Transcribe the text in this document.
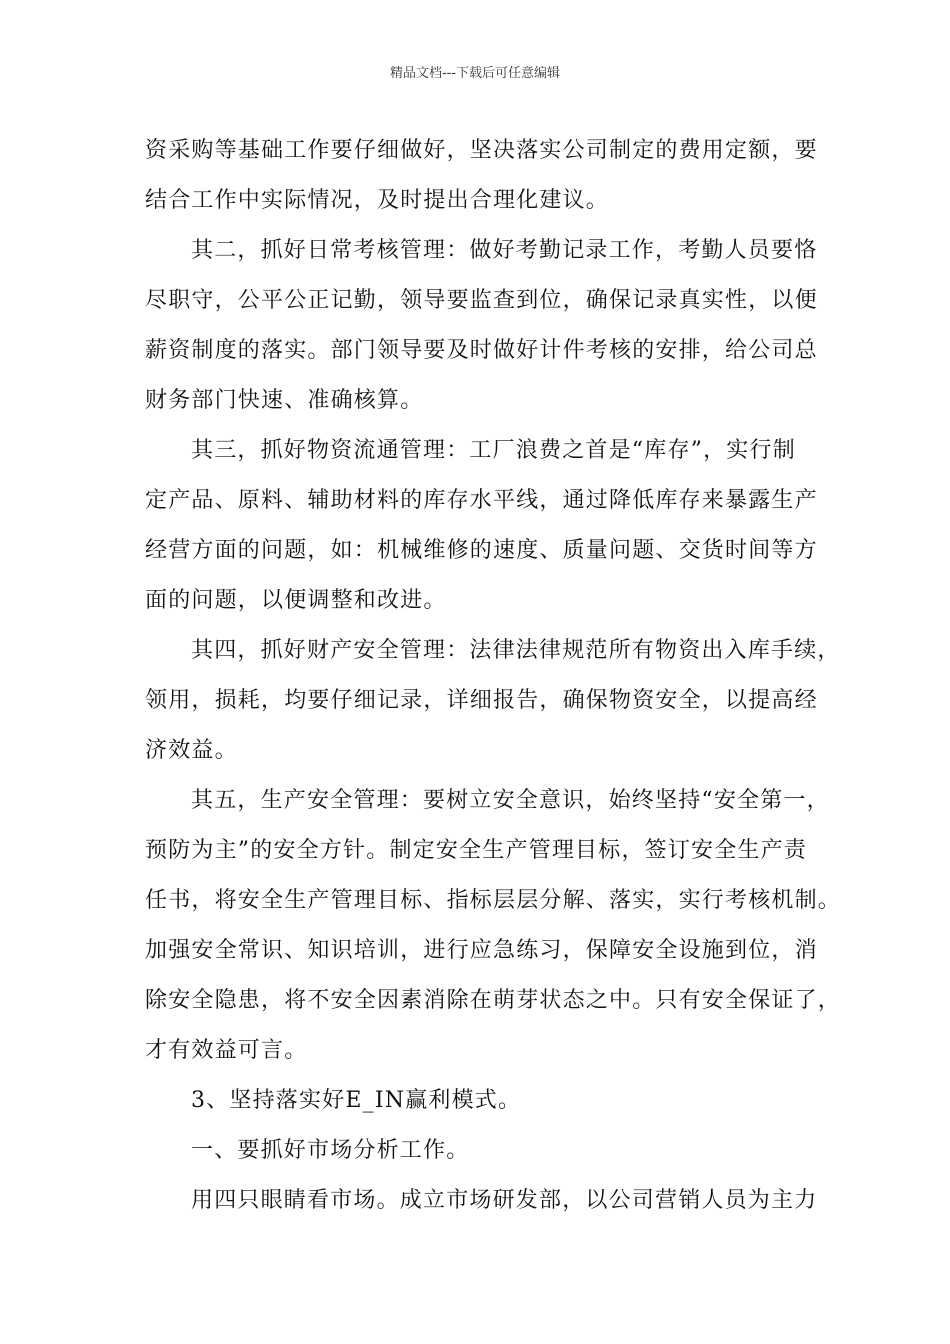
精品文档---下载后可任意编辑
资采购等基础工作要仔细做好，坚决落实公司制定的费用定额，要
结合工作中实际情况，及时提出合理化建议。
其二，抓好日常考核管理：做好考勤记录工作，考勤人员要恪
尽职守，公平公正记勤，领导要监查到位，确保记录真实性，以便
薪资制度的落实。部门领导要及时做好计件考核的安排，给公司总
财务部门快速、准确核算。
其三，抓好物资流通管理：工厂浪费之首是“库存”，实行制
定产品、原料、辅助材料的库存水平线，通过降低库存来暴露生产
经营方面的问题，如：机械维修的速度、质量问题、交货时间等方
面的问题，以便调整和改进。
其四，抓好财产安全管理：法律法律规范所有物资出入库手续，
领用，损耗，均要仔细记录，详细报告，确保物资安全，以提高经
济效益。
其五，生产安全管理：要树立安全意识，始终坚持“安全第一，
预防为主”的安全方针。制定安全生产管理目标，签订安全生产责
任书，将安全生产管理目标、指标层层分解、落实，实行考核机制。
加强安全常识、知识培训，进行应急练习，保障安全设施到位，消
除安全隐患，将不安全因素消除在萌芽状态之中。只有安全保证了，
才有效益可言。
3、坚持落实好E_IN赢利模式。
一、要抓好市场分析工作。
用四只眼睛看市场。成立市场研发部，以公司营销人员为主力
